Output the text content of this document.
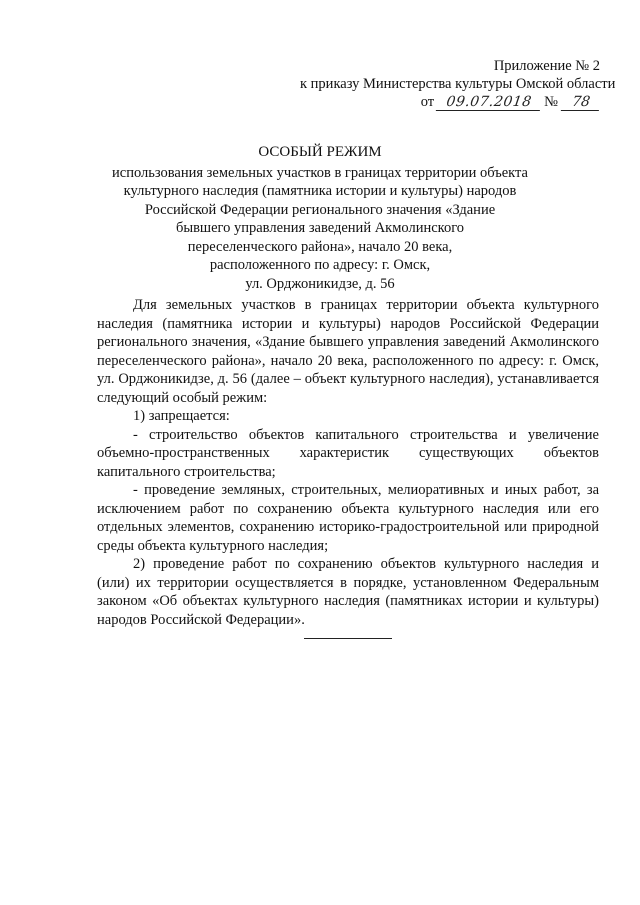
Приложение № 2
к приказу Министерства культуры Омской области
от 09.07.2018 № 78
ОСОБЫЙ РЕЖИМ
использования земельных участков в границах территории объекта
культурного наследия (памятника истории и культуры) народов
Российской Федерации регионального значения «Здание
бывшего управления заведений Акмолинского
переселенческого района», начало 20 века,
расположенного по адресу: г. Омск,
ул. Орджоникидзе, д. 56

Для земельных участков в границах территории объекта культурного наследия (памятника истории и культуры) народов Российской Федерации регионального значения, «Здание бывшего управления заведений Акмолинского переселенческого района», начало 20 века, расположенного по адресу: г. Омск, ул. Орджоникидзе, д. 56 (далее – объект культурного наследия), устанавливается следующий особый режим:

1) запрещается:

- строительство объектов капитального строительства и увеличение объемно-пространственных характеристик существующих объектов капитального строительства;

- проведение земляных, строительных, мелиоративных и иных работ, за исключением работ по сохранению объекта культурного наследия или его отдельных элементов, сохранению историко-градостроительной или природной среды объекта культурного наследия;

2) проведение работ по сохранению объектов культурного наследия и (или) их территории осуществляется в порядке, установленном Федеральным законом «Об объектах культурного наследия (памятниках истории и культуры) народов Российской Федерации».
